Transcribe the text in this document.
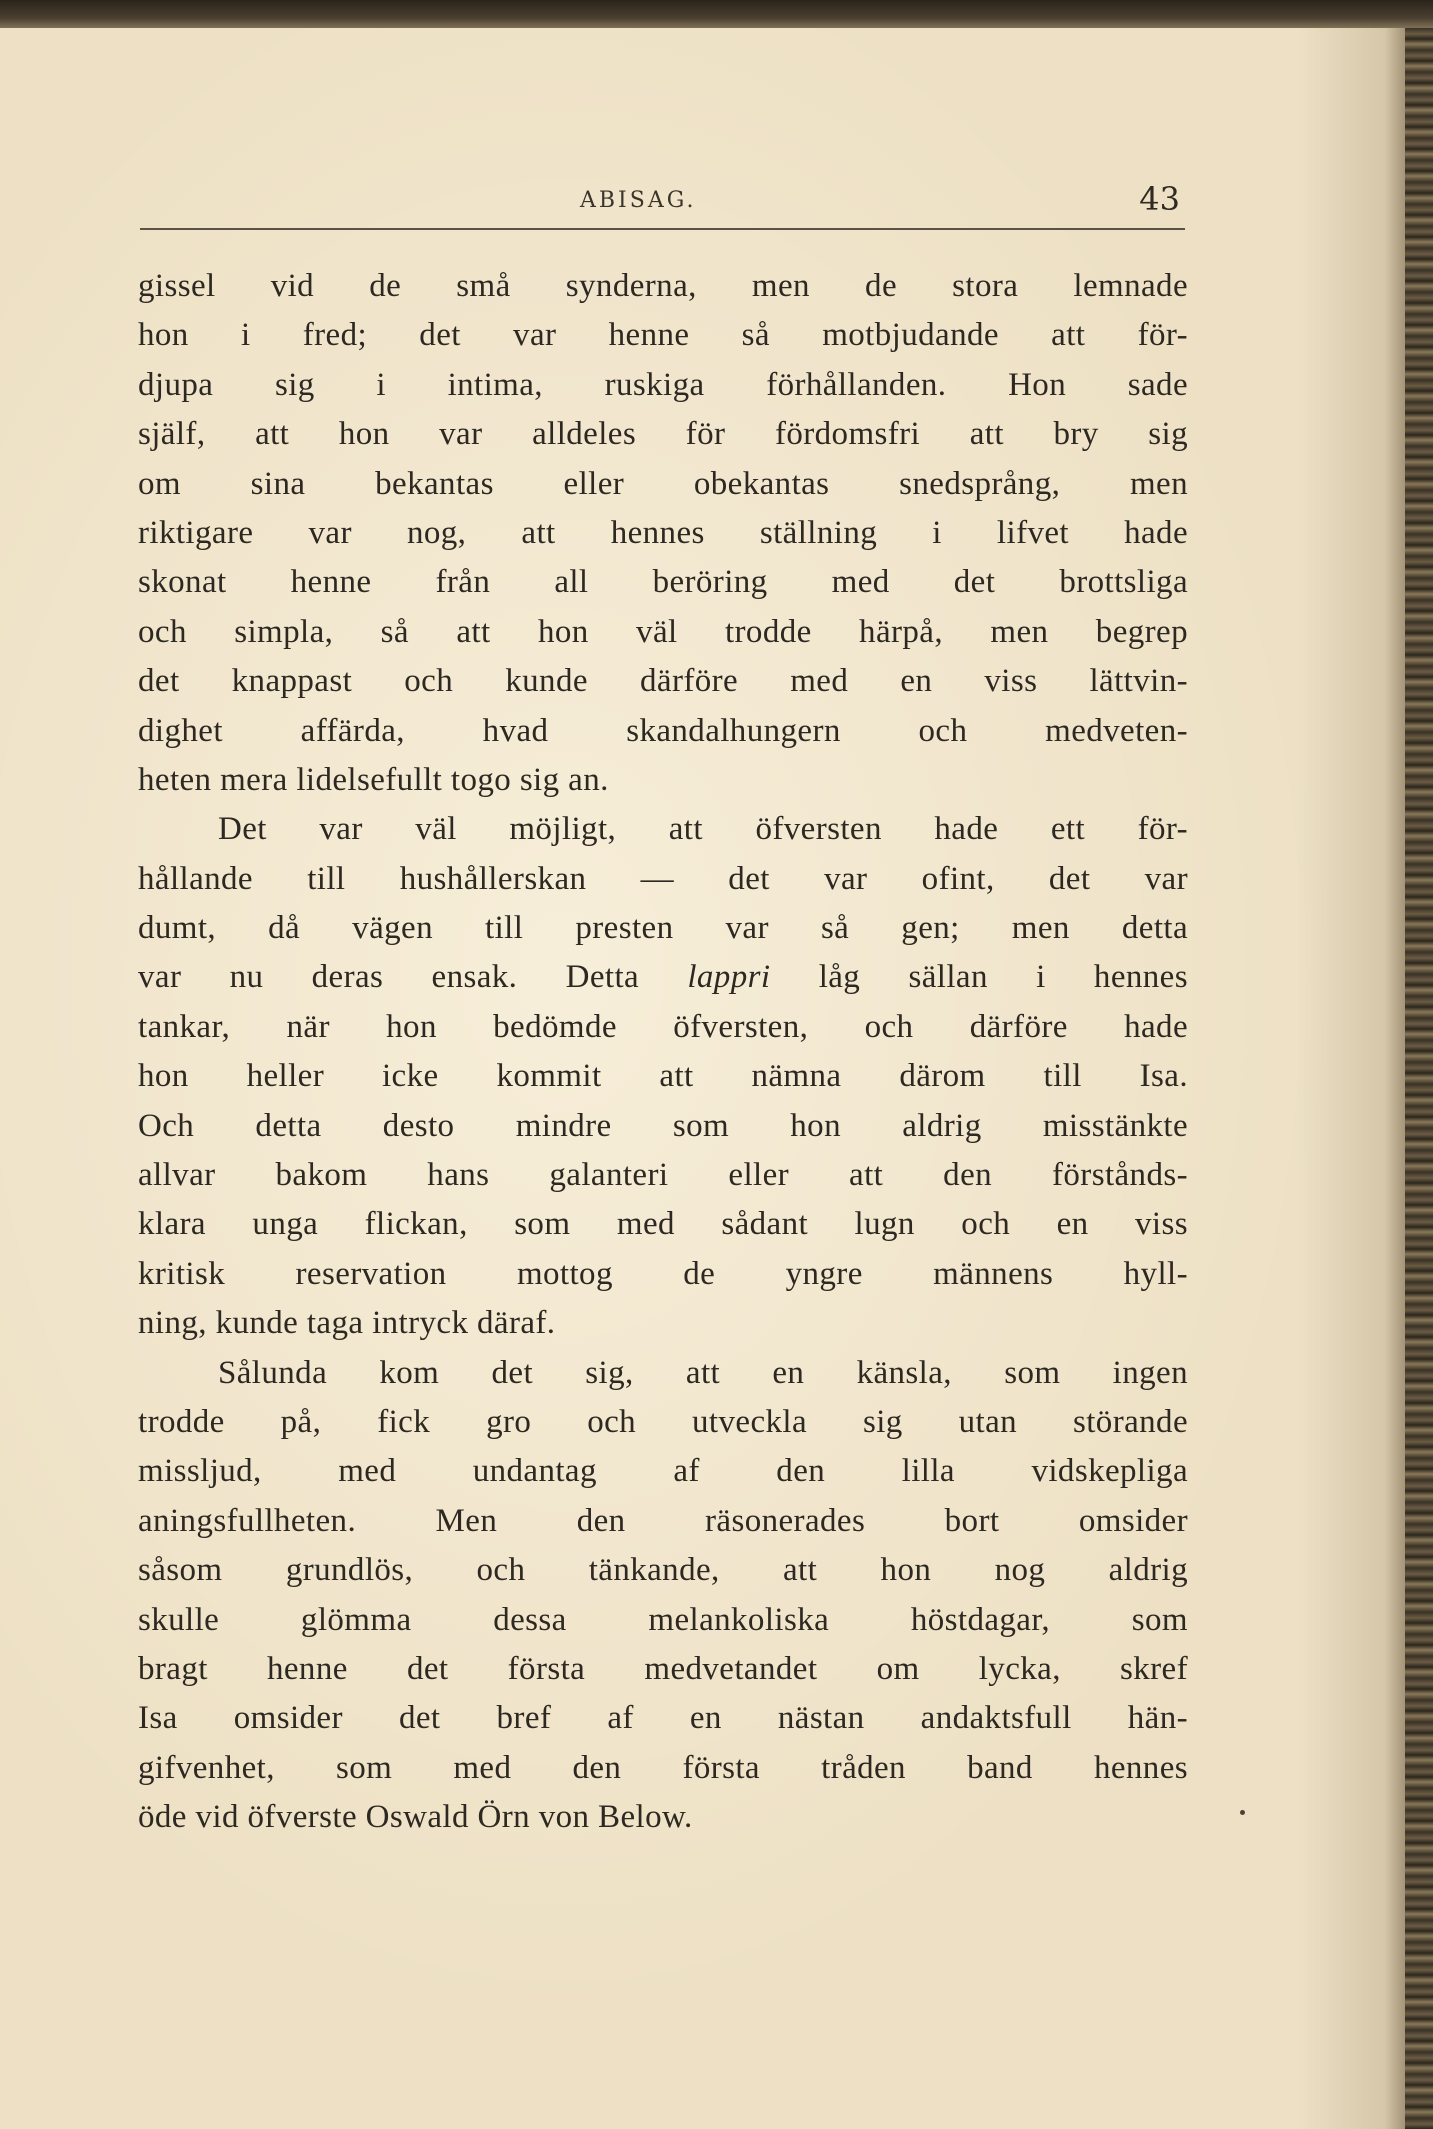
ABISAG.	43
gissel vid de små synderna, men de stora lemnade
hon i fred; det var henne så motbjudande att för-
djupa sig i intima, ruskiga förhållanden. Hon sade
själf, att hon var alldeles för fördomsfri att bry sig
om sina bekantas eller obekantas snedsprång, men
riktigare var nog, att hennes ställning i lifvet hade
skonat henne från all beröring med det brottsliga
och simpla, så att hon väl trodde härpå, men begrep
det knappast och kunde därföre med en viss lättvin-
dighet affärda, hvad skandalhungern och medveten-
heten mera lidelsefullt togo sig an.
Det var väl möjligt, att öfversten hade ett för-
hållande till hushållerskan — det var ofint, det var
dumt, då vägen till presten var så gen; men detta
var nu deras ensak. Detta lappri låg sällan i hennes
tankar, när hon bedömde öfversten, och därföre hade
hon heller icke kommit att nämna därom till Isa.
Och detta desto mindre som hon aldrig misstänkte
allvar bakom hans galanteri eller att den förstånds-
klara unga flickan, som med sådant lugn och en viss
kritisk reservation mottog de yngre männens hyll-
ning, kunde taga intryck däraf.
Sålunda kom det sig, att en känsla, som ingen
trodde på, fick gro och utveckla sig utan störande
missljud, med undantag af den lilla vidskepliga
aningsfullheten. Men den räsonerades bort omsider
såsom grundlös, och tänkande, att hon nog aldrig
skulle glömma dessa melankoliska höstdagar, som
bragt henne det första medvetandet om lycka, skref
Isa omsider det bref af en nästan andaktsfull hän-
gifvenhet, som med den första tråden band hennes
öde vid öfverste Oswald Örn von Below.
